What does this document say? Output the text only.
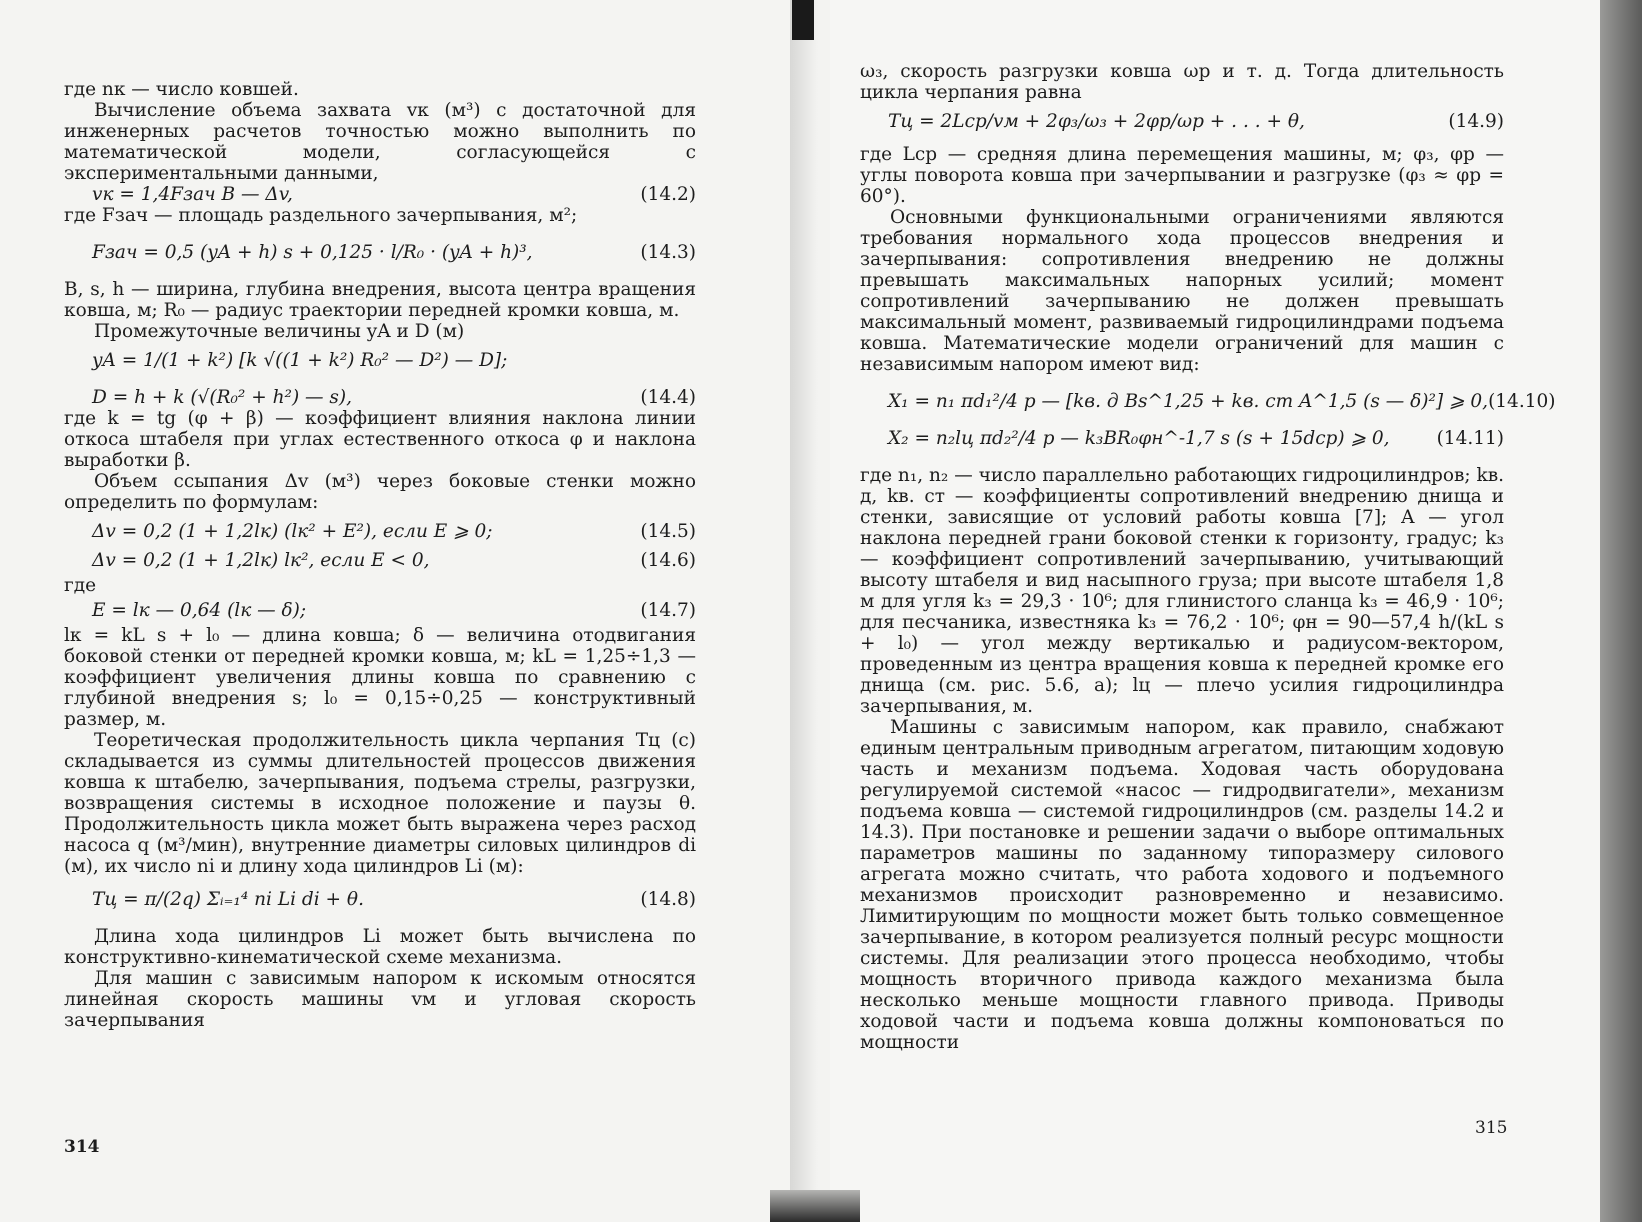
где nк — число ковшей.

Вычисление объема захвата vк (м³) с достаточной для инженерных расчетов точностью можно выполнить по математической модели, согласующейся с экспериментальными данными,

vк = 1,4Fзач B — Δv,	(14.2)

где Fзач — площадь раздельного зачерпывания, м²;

Fзач = 0,5 (yA + h) s + 0,125 · l/R₀ · (yA + h)³,	(14.3)

B, s, h — ширина, глубина внедрения, высота центра вращения ковша, м; R₀ — радиус траектории передней кромки ковша, м.

Промежуточные величины yA и D (м)

yA = 1/(1 + k²) [k √((1 + k²) R₀² — D²) — D];
D = h + k (√(R₀² + h²) — s),	(14.4)

где k = tg (φ + β) — коэффициент влияния наклона линии откоса штабеля при углах естественного откоса φ и наклона выработки β.

Объем ссыпания Δv (м³) через боковые стенки можно определить по формулам:

Δv = 0,2 (1 + 1,2lк) (lк² + E²), если E ⩾ 0;	(14.5)
Δv = 0,2 (1 + 1,2lк) lк², если E < 0,	(14.6)

где

E = lк — 0,64 (lк — δ);	(14.7)

lк = kL s + l₀ — длина ковша; δ — величина отодвигания боковой стенки от передней кромки ковша, м; kL = 1,25÷1,3 — коэффициент увеличения длины ковша по сравнению с глубиной внедрения s; l₀ = 0,15÷0,25 — конструктивный размер, м.

Теоретическая продолжительность цикла черпания Tц (с) складывается из суммы длительностей процессов движения ковша к штабелю, зачерпывания, подъема стрелы, разгрузки, возвращения системы в исходное положение и паузы θ. Продолжительность цикла может быть выражена через расход насоса q (м³/мин), внутренние диаметры силовых цилиндров di (м), их число ni и длину хода цилиндров Li (м):

Tц = π/(2q) Σᵢ₌₁⁴ ni Li di + θ.	(14.8)

Длина хода цилиндров Li может быть вычислена по конструктивно-кинематической схеме механизма.

Для машин с зависимым напором к искомым относятся линейная скорость машины vм и угловая скорость зачерпывания

314

ω₃, скорость разгрузки ковша ωр и т. д. Тогда длительность цикла черпания равна

Tц = 2Lср/vм + 2φ₃/ω₃ + 2φр/ωр + . . . + θ,	(14.9)

где Lср — средняя длина перемещения машины, м; φ₃, φр — углы поворота ковша при зачерпывании и разгрузке (φ₃ ≈ φр = 60°).

Основными функциональными ограничениями являются требования нормального хода процессов внедрения и зачерпывания: сопротивления внедрению не должны превышать максимальных напорных усилий; момент сопротивлений зачерпыванию не должен превышать максимальный момент, развиваемый гидроцилиндрами подъема ковша. Математические модели ограничений для машин с независимым напором имеют вид:

X₁ = n₁ πd₁²/4 p — [kв. д Bs^1,25 + kв. ст A^1,5 (s — δ)²] ⩾ 0, (14.10)
X₂ = n₂lц πd₂²/4 p — k₃BR₀φн^-1,7 s (s + 15dср) ⩾ 0,	(14.11)

где n₁, n₂ — число параллельно работающих гидроцилиндров; kв. д, kв. ст — коэффициенты сопротивлений внедрению днища и стенки, зависящие от условий работы ковша [7]; A — угол наклона передней грани боковой стенки к горизонту, градус; k₃ — коэффициент сопротивлений зачерпыванию, учитывающий высоту штабеля и вид насыпного груза; при высоте штабеля 1,8 м для угля k₃ = 29,3 · 10⁶; для глинистого сланца k₃ = 46,9 · 10⁶; для песчаника, известняка k₃ = 76,2 · 10⁶; φн = 90—57,4 h/(kL s + l₀) — угол между вертикалью и радиусом-вектором, проведенным из центра вращения ковша к передней кромке его днища (см. рис. 5.6, a); lц — плечо усилия гидроцилиндра зачерпывания, м.

Машины с зависимым напором, как правило, снабжают единым центральным приводным агрегатом, питающим ходовую часть и механизм подъема. Ходовая часть оборудована регулируемой системой «насос — гидродвигатели», механизм подъема ковша — системой гидроцилиндров (см. разделы 14.2 и 14.3). При постановке и решении задачи о выборе оптимальных параметров машины по заданному типоразмеру силового агрегата можно считать, что работа ходового и подъемного механизмов происходит разновременно и независимо. Лимитирующим по мощности может быть только совмещенное зачерпывание, в котором реализуется полный ресурс мощности системы. Для реализации этого процесса необходимо, чтобы мощность вторичного привода каждого механизма была несколько меньше мощности главного привода. Приводы ходовой части и подъема ковша должны компоноваться по мощности

315
